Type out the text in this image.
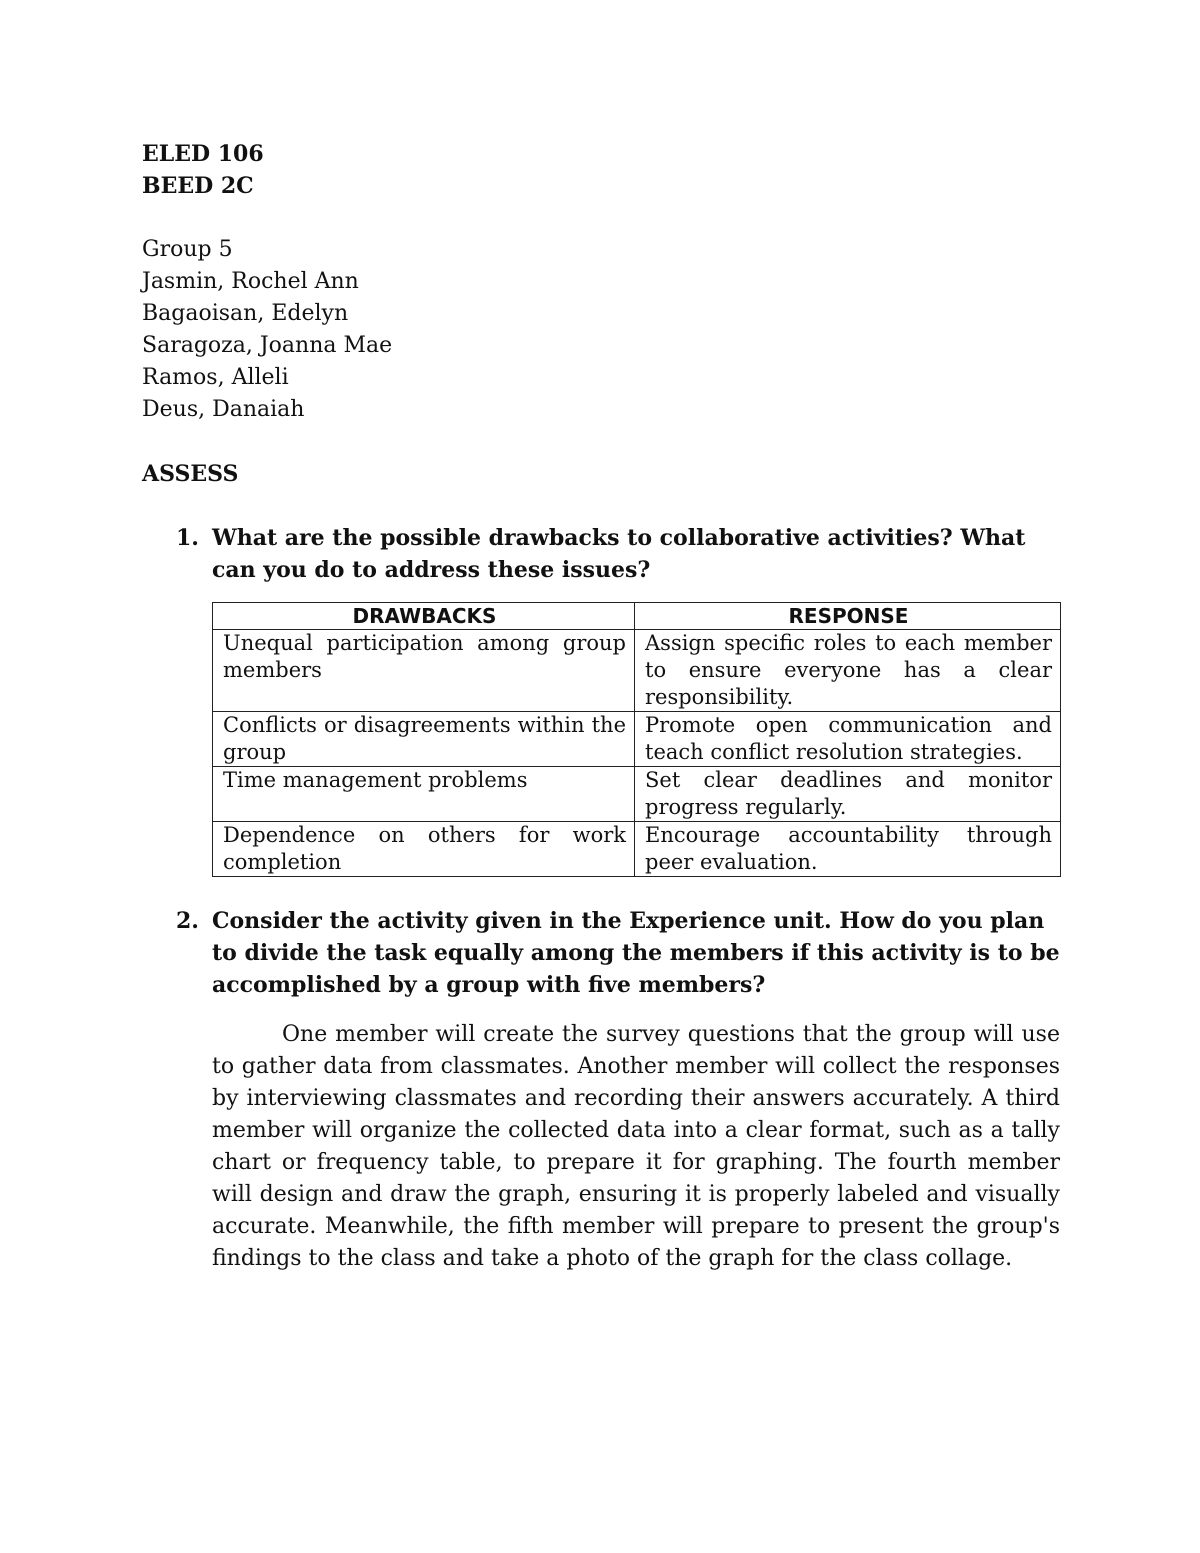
ELED 106

BEED 2C

Group 5

Jasmin, Rochel Ann

Bagaoisan, Edelyn

Saragoza, Joanna Mae

Ramos, Alleli

Deus, Danaiah

ASSESS

1. What are the possible drawbacks to collaborative activities? What can you do to address these issues?
DRAWBACKS	RESPONSE
Unequal participation among group members	Assign specific roles to each member to ensure everyone has a clear responsibility.
Conflicts or disagreements within the group	Promote open communication and teach conflict resolution strategies.
Time management problems	Set clear deadlines and monitor progress regularly.
Dependence on others for work completion	Encourage accountability through peer evaluation.
2. Consider the activity given in the Experience unit. How do you plan to divide the task equally among the members if this activity is to be accomplished by a group with five members?

One member will create the survey questions that the group will use to gather data from classmates. Another member will collect the responses by interviewing classmates and recording their answers accurately. A third member will organize the collected data into a clear format, such as a tally chart or frequency table, to prepare it for graphing. The fourth member will design and draw the graph, ensuring it is properly labeled and visually accurate. Meanwhile, the fifth member will prepare to present the group's findings to the class and take a photo of the graph for the class collage.
